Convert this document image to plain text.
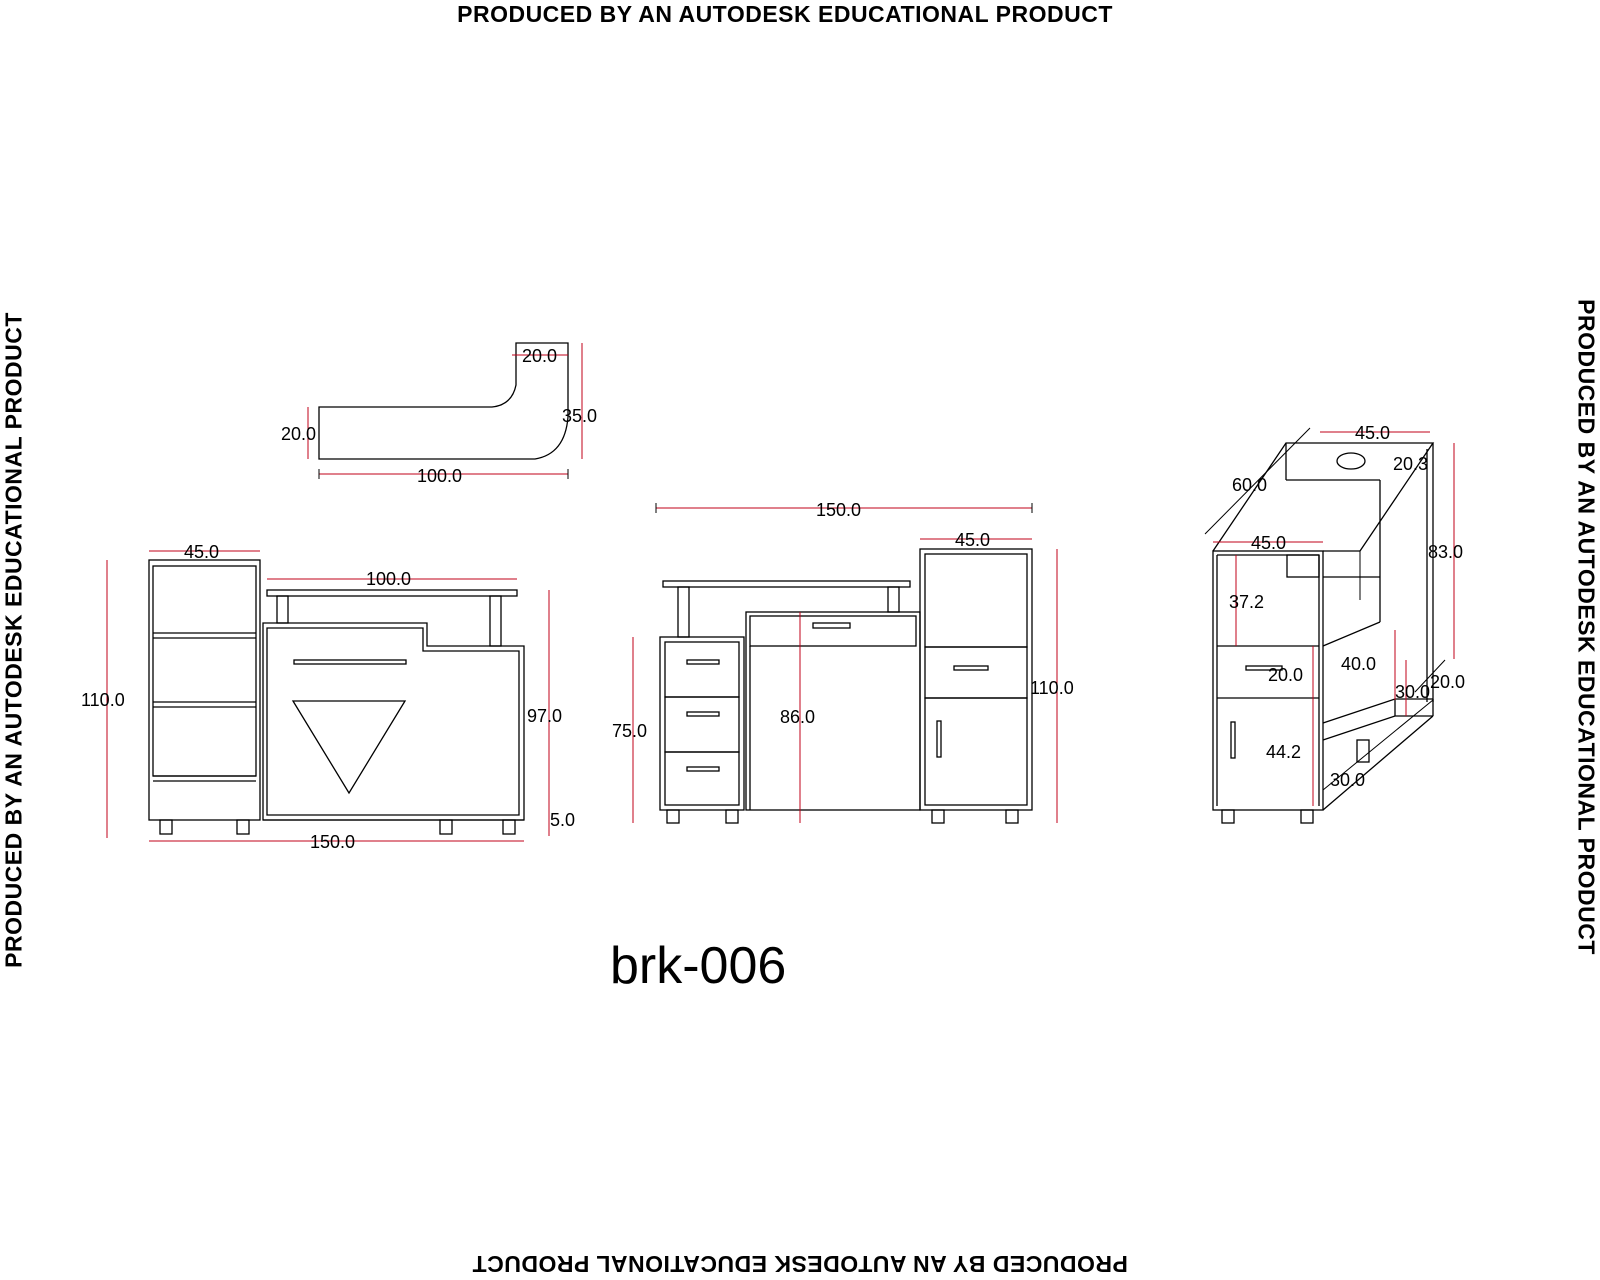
PRODUCED BY AN AUTODESK EDUCATIONAL PRODUCT
PRODUCED BY AN AUTODESK EDUCATIONAL PRODUCT
PRODUCED BY AN AUTODESK EDUCATIONAL PRODUCT	PRODUCED BY AN AUTODESK EDUCATIONAL PRODUCT
20.0
35.0
20.0
100.0
45.0
100.0
110.0
97.0
5.0
150.0
150.0
45.0
110.0
75.0
86.0
45.0
60.0
20.3
45.0	83.0
37.2
20.0
40.0
20.0
30.0
44.2
30.0
brk-006
